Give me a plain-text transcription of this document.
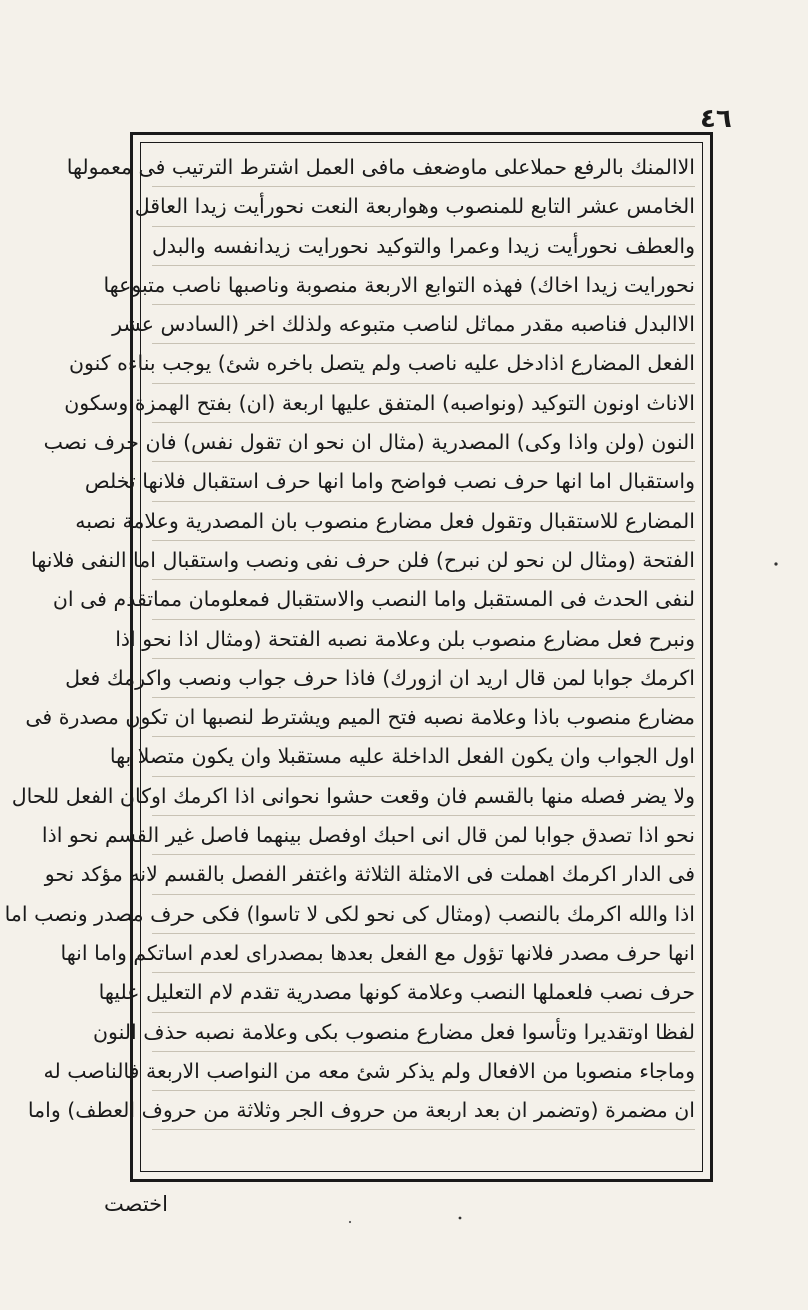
٤٦
الاالمنك بالرفع حملاعلى ماوضعف مافى العمل اشترط الترتيب فى معمولها
الخامس عشر التابع للمنصوب وهواربعة النعت نحورأيت زيدا العاقل
والعطف نحورأيت زيدا وعمرا والتوكيد نحورايت زيدانفسه والبدل
نحورايت زيدا اخاك) فهذه التوابع الاربعة منصوبة وناصبها ناصب متبوعها
الاالبدل فناصبه مقدر مماثل لناصب متبوعه ولذلك اخر (السادس عشر
الفعل المضارع اذادخل عليه ناصب ولم يتصل باخره شئ) يوجب بناءه كنون
الاناث اونون التوكيد (ونواصبه) المتفق عليها اربعة (ان) بفتح الهمزة وسكون
النون (ولن واذا وكى) المصدرية (مثال ان نحو ان تقول نفس) فان حرف نصب
واستقبال اما انها حرف نصب فواضح واما انها حرف استقبال فلانها تخلص
المضارع للاستقبال وتقول فعل مضارع منصوب بان المصدرية وعلامة نصبه
الفتحة (ومثال لن نحو لن نبرح) فلن حرف نفى ونصب واستقبال اما النفى فلانها
لنفى الحدث فى المستقبل واما النصب والاستقبال فمعلومان مماتقدم فى ان
ونبرح فعل مضارع منصوب بلن وعلامة نصبه الفتحة (ومثال اذا نحو اذا
اكرمك جوابا لمن قال اريد ان ازورك) فاذا حرف جواب ونصب واكرمك فعل
مضارع منصوب باذا وعلامة نصبه فتح الميم ويشترط لنصبها ان تكون مصدرة فى
اول الجواب وان يكون الفعل الداخلة عليه مستقبلا وان يكون متصلا بها
ولا يضر فصله منها بالقسم فان وقعت حشوا نحوانى اذا اكرمك اوكان الفعل للحال
نحو اذا تصدق جوابا لمن قال انى احبك اوفصل بينهما فاصل غير القسم نحو اذا
فى الدار اكرمك اهملت فى الامثلة الثلاثة واغتفر الفصل بالقسم لانه مؤكد نحو
اذا والله اكرمك بالنصب (ومثال كى نحو لكى لا تاسوا) فكى حرف مصدر ونصب اما
انها حرف مصدر فلانها تؤول مع الفعل بعدها بمصدراى لعدم اساتكم واما انها
حرف نصب فلعملها النصب وعلامة كونها مصدرية تقدم لام التعليل عليها
لفظا اوتقديرا وتأسوا فعل مضارع منصوب بكى وعلامة نصبه حذف النون
وماجاء منصوبا من الافعال ولم يذكر شئ معه من النواصب الاربعة فالناصب له
ان مضمرة (وتضمر ان بعد اربعة من حروف الجر وثلاثة من حروف العطف) واما
اختصت
